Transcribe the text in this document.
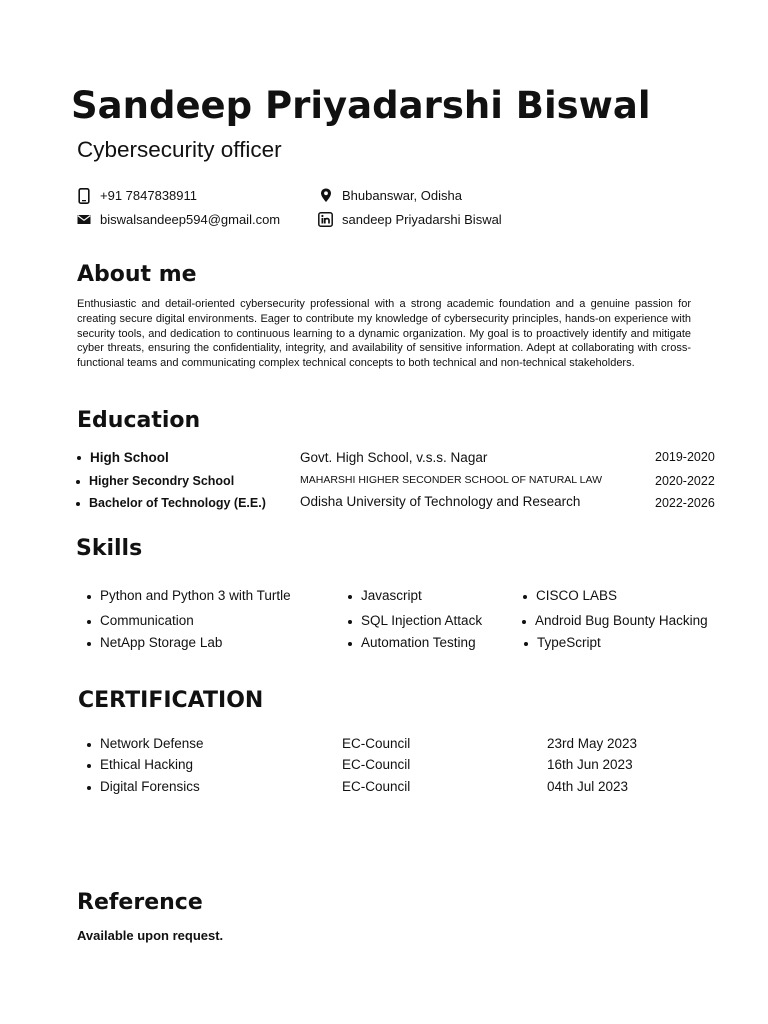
Sandeep Priyadarshi Biswal
Cybersecurity officer
+91 7847838911	Bhubanswar, Odisha
biswalsandeep594@gmail.com	sandeep Priyadarshi Biswal
About me
Enthusiastic and detail-oriented cybersecurity professional with a strong academic foundation and a genuine passion for creating secure digital environments. Eager to contribute my knowledge of cybersecurity principles, hands-on experience with security tools, and dedication to continuous learning to a dynamic organization. My goal is to proactively identify and mitigate cyber threats, ensuring the confidentiality, integrity, and availability of sensitive information. Adept at collaborating with cross-functional teams and communicating complex technical concepts to both technical and non-technical stakeholders.
Education
High School	Govt. High School, v.s.s. Nagar	2019-2020
Higher Secondry School	MAHARSHI HIGHER SECONDER SCHOOL OF NATURAL LAW	2020-2022
Bachelor of Technology (E.E.)	Odisha University of Technology and Research	2022-2026
Skills
Python and Python 3 with Turtle
Communication
NetApp Storage Lab
Javascript
SQL Injection Attack
Automation Testing
CISCO LABS
Android Bug Bounty Hacking
TypeScript
CERTIFICATION
Network Defense	EC-Council	23rd May 2023
Ethical Hacking	EC-Council	16th Jun 2023
Digital Forensics	EC-Council	04th Jul 2023
Reference
Available upon request.
